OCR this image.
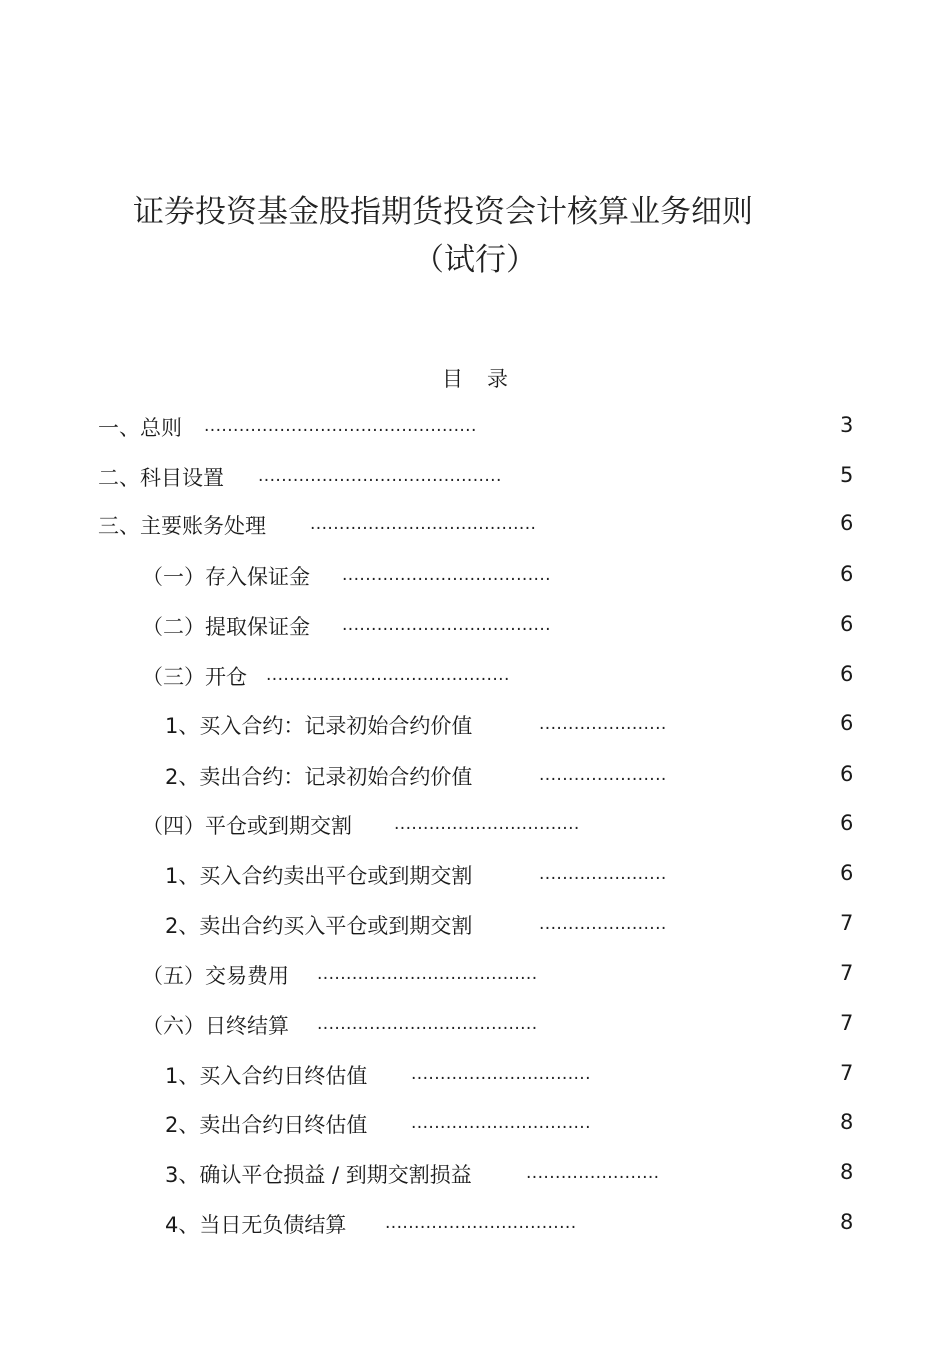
证券投资基金股指期货投资会计核算业务细则
（试行）
目录
一、总则 ...............................................	3
二、科目设置 ..........................................	5
三、主要账务处理	.......................................	6
（一）存入保证金 ....................................	6
（二）提取保证金 ....................................	6
（三）开仓 ..........................................	6
1、买入合约：记录初始合约价值	......................	6
2、卖出合约：记录初始合约价值	......................	6
（四）平仓或到期交割 ................................	6
1、买入合约卖出平仓或到期交割	......................	6
2、卖出合约买入平仓或到期交割	......................	7
（五）交易费用 ......................................	7
（六）日终结算 ......................................	7
1、买入合约日终估值	...............................	7
2、卖出合约日终估值	...............................	8
3、确认平仓损益 / 到期交割损益	.......................	8
4、当日无负债结算 .................................	8
